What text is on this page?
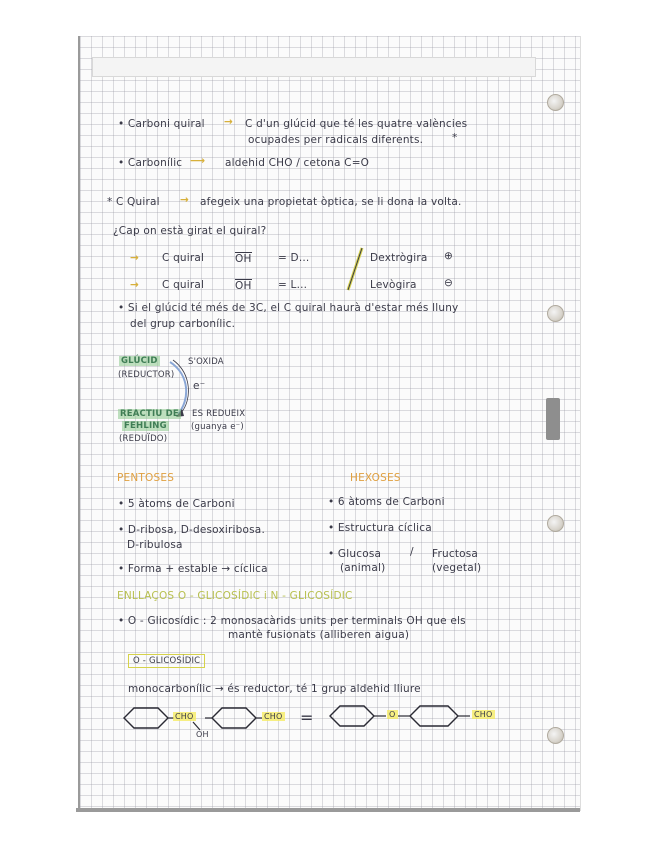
• Carboni quiral → C d'un glúcid que té les quatre valències
ocupades per radicals diferents.	*
• Carbonílic ⟶ aldehid CHO / cetona C=O
* C Quiral → afegeix una propietat òptica, se li dona la volta.
¿Cap on està girat el quiral?
→ C quiral	OH	= D...	Dextrògira ⊕
→ C quiral	OH	= L...	Levògira	⊖
• Si el glúcid té més de 3C, el C quiral haurà d'estar més lluny
del grup carbonílic.
GLÚCID
(REDUCTOR)
S'OXIDA
e⁻
REACTIU DE
FEHLING
(REDUÏDO)
ES REDUEIX
(guanya e⁻)
PENTOSES
• 5 àtoms de Carboni
• D-ribosa, D-desoxiribosa.
D-ribulosa
• Forma + estable → cíclica
HEXOSES
• 6 àtoms de Carboni
• Estructura cíclica
• Glucosa
(animal)
/ Fructosa
(vegetal)
ENLLAÇOS O - GLICOSÍDIC i N - GLICOSÍDIC
• O - Glicosídic : 2 monosacàrids units per terminals OH que els
mantè fusionats (alliberen aigua)
O - GLICOSÍDIC
monocarbonílic → és reductor, té 1 grup aldehid lliure
CHO
OH
CHO =	O	CHO
